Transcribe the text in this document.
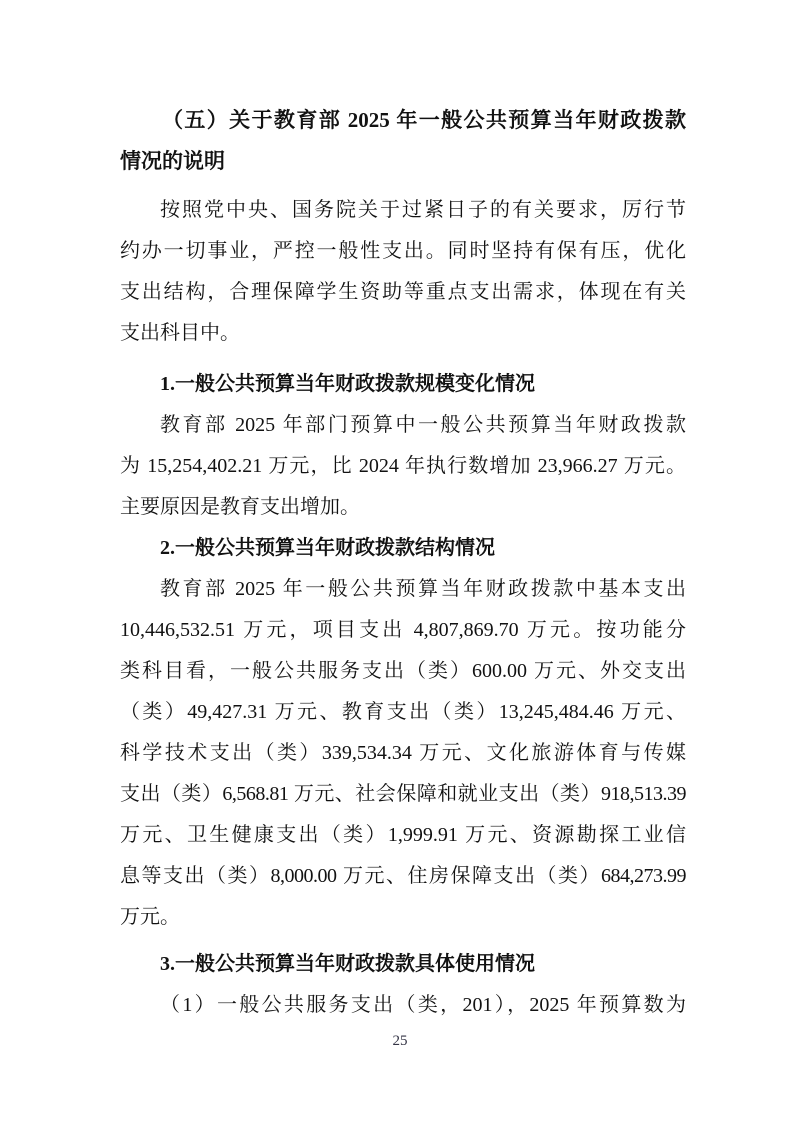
（五）关于教育部 2025 年一般公共预算当年财政拨款

情况的说明

按照党中央、国务院关于过紧日子的有关要求，厉行节

约办一切事业，严控一般性支出。同时坚持有保有压，优化

支出结构，合理保障学生资助等重点支出需求，体现在有关

支出科目中。

1.一般公共预算当年财政拨款规模变化情况

教育部 2025 年部门预算中一般公共预算当年财政拨款

为 15,254,402.21 万元，比 2024 年执行数增加 23,966.27 万元。

主要原因是教育支出增加。

2.一般公共预算当年财政拨款结构情况

教育部 2025 年一般公共预算当年财政拨款中基本支出

10,446,532.51 万元，项目支出 4,807,869.70 万元。按功能分

类科目看，一般公共服务支出（类）600.00 万元、外交支出

（类）49,427.31 万元、教育支出（类）13,245,484.46 万元、

科学技术支出（类）339,534.34 万元、文化旅游体育与传媒

支出（类）6,568.81 万元、社会保障和就业支出（类）918,513.39

万元、卫生健康支出（类）1,999.91 万元、资源勘探工业信

息等支出（类）8,000.00 万元、住房保障支出（类）684,273.99

万元。

3.一般公共预算当年财政拨款具体使用情况

（1）一般公共服务支出（类，201），2025 年预算数为

25
